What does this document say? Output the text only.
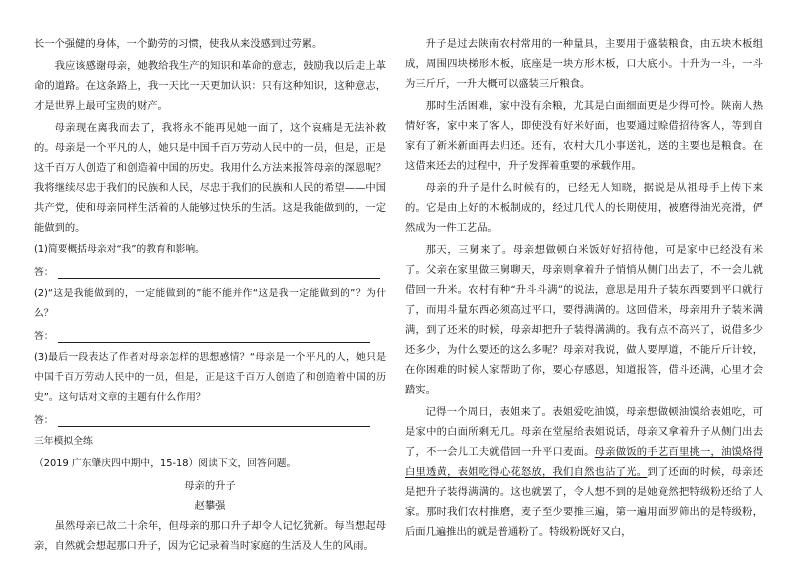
长一个强健的身体，一个勤劳的习惯，使我从来没感到过劳累。

我应该感谢母亲，她教给我生产的知识和革命的意志，鼓励我以后走上革命的道路。在这条路上，我一天比一天更加认识：只有这种知识，这种意志，才是世界上最可宝贵的财产。

母亲现在离我而去了，我将永不能再见她一面了，这个哀痛是无法补救的。母亲是一个平凡的人，她只是中国千百万劳动人民中的一员，但是，正是这千百万人创造了和创造着中国的历史。我用什么方法来报答母亲的深恩呢？我将继续尽忠于我们的民族和人民，尽忠于我们的民族和人民的希望——中国共产党，使和母亲同样生活着的人能够过快乐的生活。这是我能做到的，一定能做到的。

(1)简要概括母亲对“我”的教育和影响。

答：

(2)“这是我能做到的，一定能做到的”能不能并作“这是我一定能做到的”？为什么？

答：

(3)最后一段表达了作者对母亲怎样的思想感情？“母亲是一个平凡的人，她只是中国千百万劳动人民中的一员，但是，正是这千百万人创造了和创造着中国的历史”。这句话对文章的主题有什么作用？

答：

三年模拟全练

（2019 广东肇庆四中期中，15-18）阅读下文，回答问题。

母亲的升子

赵攀强

虽然母亲已故二十余年，但母亲的那口升子却令人记忆犹新。每当想起母亲，自然就会想起那口升子，因为它记录着当时家庭的生活及人生的风雨。

升子是过去陕南农村常用的一种量具，主要用于盛装粮食，由五块木板组成，周围四块梯形木板，底座是一块方形木板，口大底小。十升为一斗，一斗为三斤斤，一升大概可以盛装三斤粮食。

那时生活困难，家中没有余粮，尤其是白面细面更是少得可怜。陕南人热情好客，家中来了客人，即使没有好米好面，也要通过赊借招待客人，等到自家有了新米新面再去归还。还有，农村大几小事送礼，送的主要也是粮食。在这借来还去的过程中，升子发挥着重要的承载作用。

母亲的升子是什么时候有的，已经无人知晓，据说是从祖母手上传下来的。它是由上好的木板制成的，经过几代人的长期使用，被磨得油光亮滑，俨然成为一件工艺品。

那天，三舅来了。母亲想做顿白米饭好好招待他，可是家中已经没有米了。父亲在家里做三舅聊天，母亲则拿着升子悄悄从侧门出去了，不一会儿就借回一升米。农村有种“升斗斗满”的说法，意思是用升子装东西要到平口就行了，而用斗量东西必须高过平口，要得满满的。这回借米，母亲用升子装米满满，到了还米的时候，母亲却把升子装得满满的。我有点不高兴了，说借多少还多少，为什么要还的这么多呢？母亲对我说，做人要厚道，不能斤斤计较，在你困难的时候人家帮助了你，要心存感恩，知道报答，借斗还满，心里才会踏实。

记得一个周日，表姐来了。表姐爱吃油馍，母亲想做顿油馍给表姐吃，可是家中的白面所剩无几。母亲在堂屋给表姐说话，母亲又拿着升子从侧门出去了，不一会儿工夫就借回一升平口麦面。母亲做饭的手艺百里挑一，油馍烙得白里透黄，表姐吃得心花怒放，我们自然也沾了光。到了还面的时候，母亲还是把升子装得满满的。这也就罢了，令人想不到的是她竟然把特级粉还给了人家。那时我们农村推磨，麦子至少要推三遍，第一遍用面罗筛出的是特级粉，后面几遍推出的就是普通粉了。特级粉既好又白，
